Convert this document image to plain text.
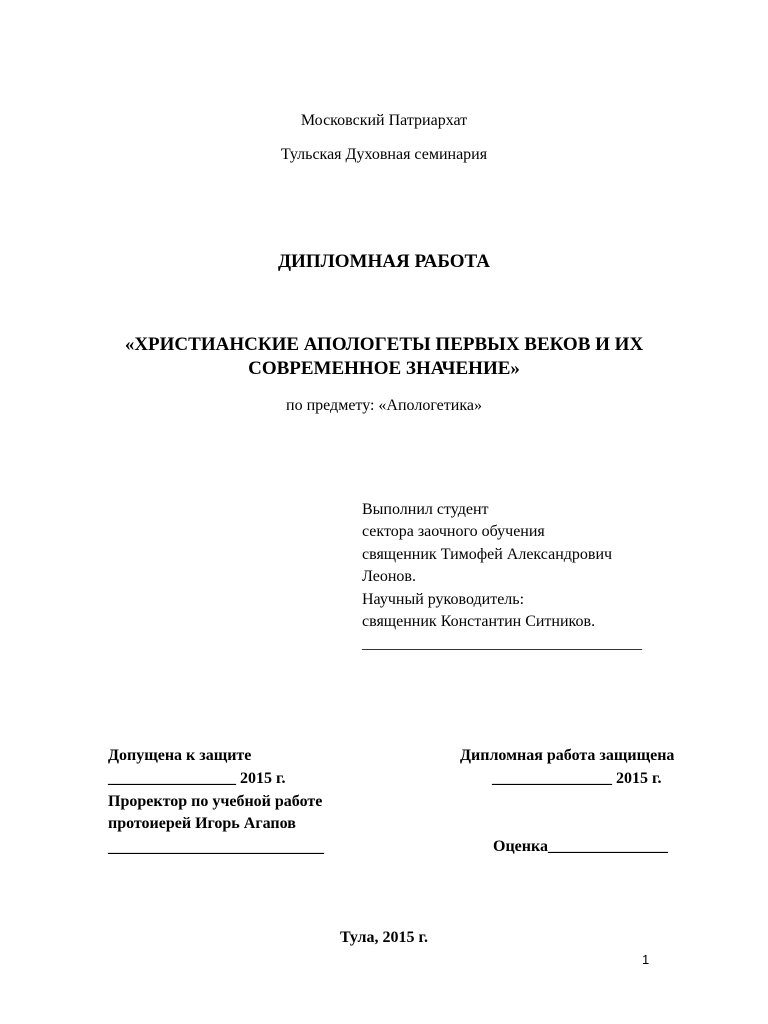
Московский Патриархат
Тульская Духовная семинария
ДИПЛОМНАЯ РАБОТА
«ХРИСТИАНСКИЕ АПОЛОГЕТЫ ПЕРВЫХ ВЕКОВ И ИХ
СОВРЕМЕННОЕ ЗНАЧЕНИЕ»
по предмету: «Апологетика»
Выполнил студент
сектора заочного обучения
священник Тимофей Александрович
Леонов.
Научный руководитель:
священник Константин Ситников.
___________________________________
Допущена к защите
________________ 2015 г.
Проректор по учебной работе
протоиерей Игорь Агапов
___________________________
Дипломная работа защищена
_______________ 2015 г.
Оценка_______________
Тула, 2015 г.
1
